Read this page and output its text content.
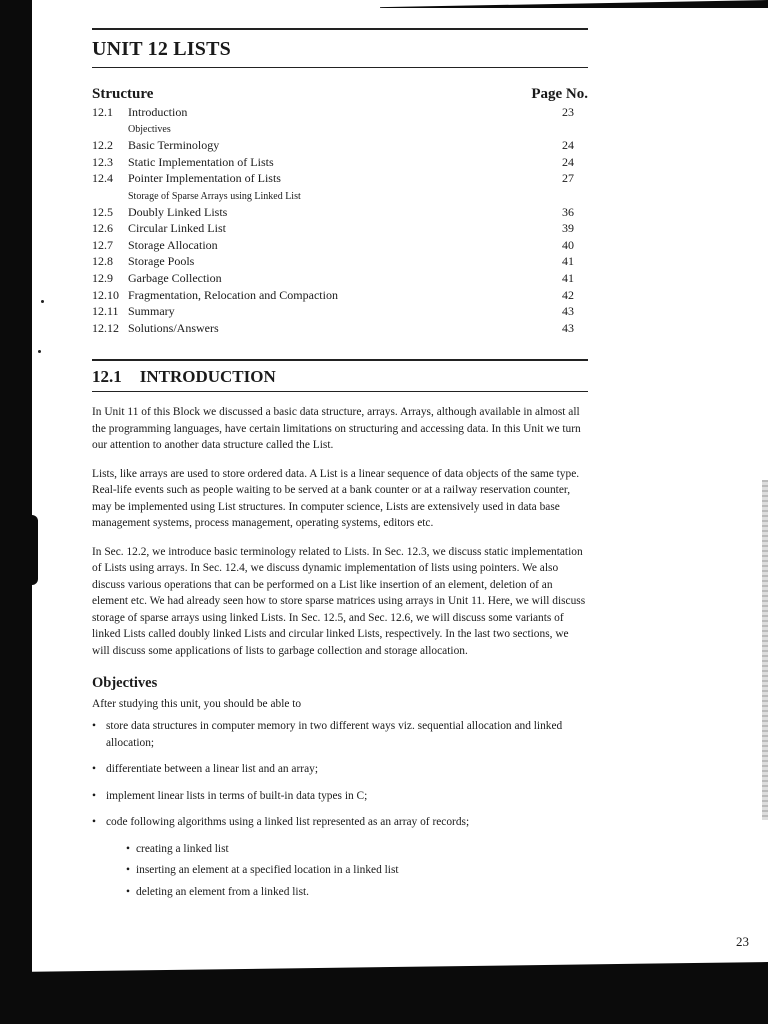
UNIT 12 LISTS
Structure	Page No.
12.1	Introduction	23
Objectives
12.2	Basic Terminology	24
12.3	Static Implementation of Lists	24
12.4	Pointer Implementation of Lists	27
Storage of Sparse Arrays using Linked List
12.5	Doubly Linked Lists	36
12.6	Circular Linked List	39
12.7	Storage Allocation	40
12.8	Storage Pools	41
12.9	Garbage Collection	41
12.10 Fragmentation, Relocation and Compaction	42
12.11 Summary	43
12.12 Solutions/Answers	43
12.1 INTRODUCTION

In Unit 11 of this Block we discussed a basic data structure, arrays. Arrays, although available in almost all the programming languages, have certain limitations on structuring and accessing data. In this Unit we turn our attention to another data structure called the List.

Lists, like arrays are used to store ordered data. A List is a linear sequence of data objects of the same type. Real-life events such as people waiting to be served at a bank counter or at a railway reservation counter, may be implemented using List structures. In computer science, Lists are extensively used in data base management systems, process management, operating systems, editors etc.

In Sec. 12.2, we introduce basic terminology related to Lists. In Sec. 12.3, we discuss static implementation of Lists using arrays. In Sec. 12.4, we discuss dynamic implementation of lists using pointers. We also discuss various operations that can be performed on a List like insertion of an element, deletion of an element etc. We had already seen how to store sparse matrices using arrays in Unit 11. Here, we will discuss storage of sparse arrays using linked Lists. In Sec. 12.5, and Sec. 12.6, we will discuss some variants of linked Lists called doubly linked Lists and circular linked Lists, respectively. In the last two sections, we will discuss some applications of lists to garbage collection and storage allocation.

Objectives
After studying this unit, you should be able to
• store data structures in computer memory in two different ways viz. sequential allocation and linked allocation;
• differentiate between a linear list and an array;
• implement linear lists in terms of built-in data types in C;
• code following algorithms using a linked list represented as an array of records;
• creating a linked list
• inserting an element at a specified location in a linked list
• deleting an element from a linked list.
23
